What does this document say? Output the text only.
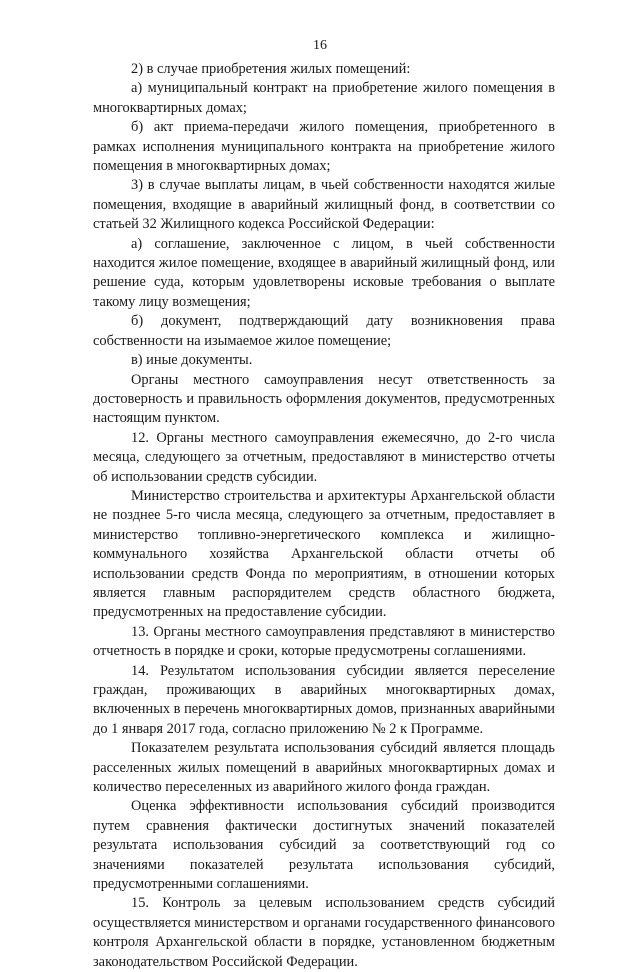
16

2) в случае приобретения жилых помещений:

а) муниципальный контракт на приобретение жилого помещения в многоквартирных домах;

б) акт приема-передачи жилого помещения, приобретенного в рамках исполнения муниципального контракта на приобретение жилого помещения в многоквартирных домах;

3) в случае выплаты лицам, в чьей собственности находятся жилые помещения, входящие в аварийный жилищный фонд, в соответствии со статьей 32 Жилищного кодекса Российской Федерации:

а) соглашение, заключенное с лицом, в чьей собственности находится жилое помещение, входящее в аварийный жилищный фонд, или решение суда, которым удовлетворены исковые требования о выплате такому лицу возмещения;

б) документ, подтверждающий дату возникновения права собственности на изымаемое жилое помещение;

в) иные документы.

Органы местного самоуправления несут ответственность за достоверность и правильность оформления документов, предусмотренных настоящим пунктом.

12. Органы местного самоуправления ежемесячно, до 2-го числа месяца, следующего за отчетным, предоставляют в министерство отчеты об использовании средств субсидии.

Министерство строительства и архитектуры Архангельской области не позднее 5-го числа месяца, следующего за отчетным, предоставляет в министерство топливно-энергетического комплекса и жилищно-коммунального хозяйства Архангельской области отчеты об использовании средств Фонда по мероприятиям, в отношении которых является главным распорядителем средств областного бюджета, предусмотренных на предоставление субсидии.

13. Органы местного самоуправления представляют в министерство отчетность в порядке и сроки, которые предусмотрены соглашениями.

14. Результатом использования субсидии является переселение граждан, проживающих в аварийных многоквартирных домах, включенных в перечень многоквартирных домов, признанных аварийными до 1 января 2017 года, согласно приложению № 2 к Программе.

Показателем результата использования субсидий является площадь расселенных жилых помещений в аварийных многоквартирных домах и количество переселенных из аварийного жилого фонда граждан.

Оценка эффективности использования субсидий производится путем сравнения фактически достигнутых значений показателей результата использования субсидий за соответствующий год со значениями показателей результата использования субсидий, предусмотренными соглашениями.

15. Контроль за целевым использованием средств субсидий осуществляется министерством и органами государственного финансового контроля Архангельской области в порядке, установленном бюджетным законодательством Российской Федерации.
